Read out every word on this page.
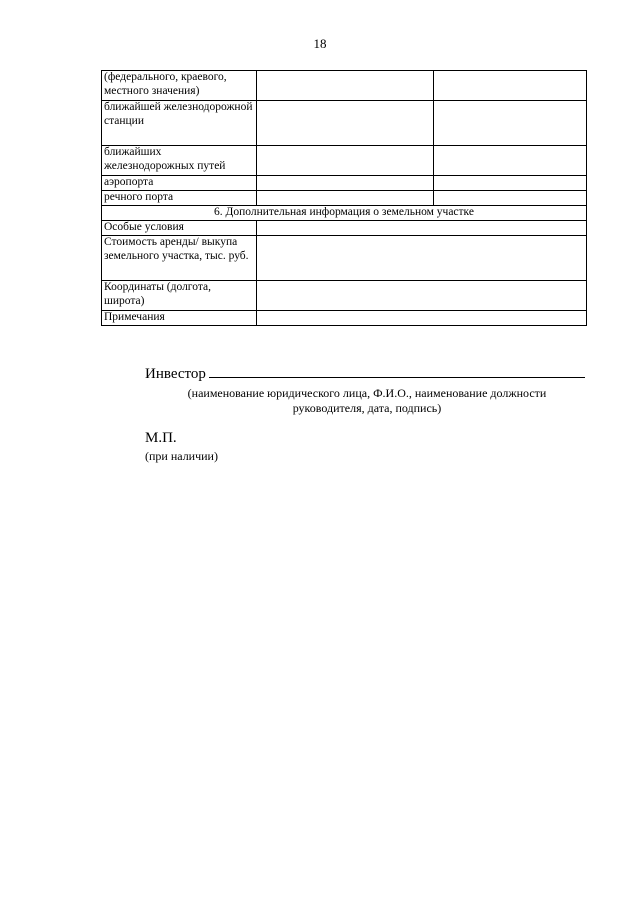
18
(федерального, краевого, местного значения)		
ближайшей железнодорожной станции		
ближайших железнодорожных путей		
аэропорта		
речного порта		
6. Дополнительная информация о земельном участке		
Особые условия		
Стоимость аренды/ выкупа земельного участка, тыс. руб.		
Координаты (долгота, широта)		
Примечания		
Инвестор
(наименование юридического лица, Ф.И.О., наименование должности
руководителя, дата, подпись)
М.П.
(при наличии)
